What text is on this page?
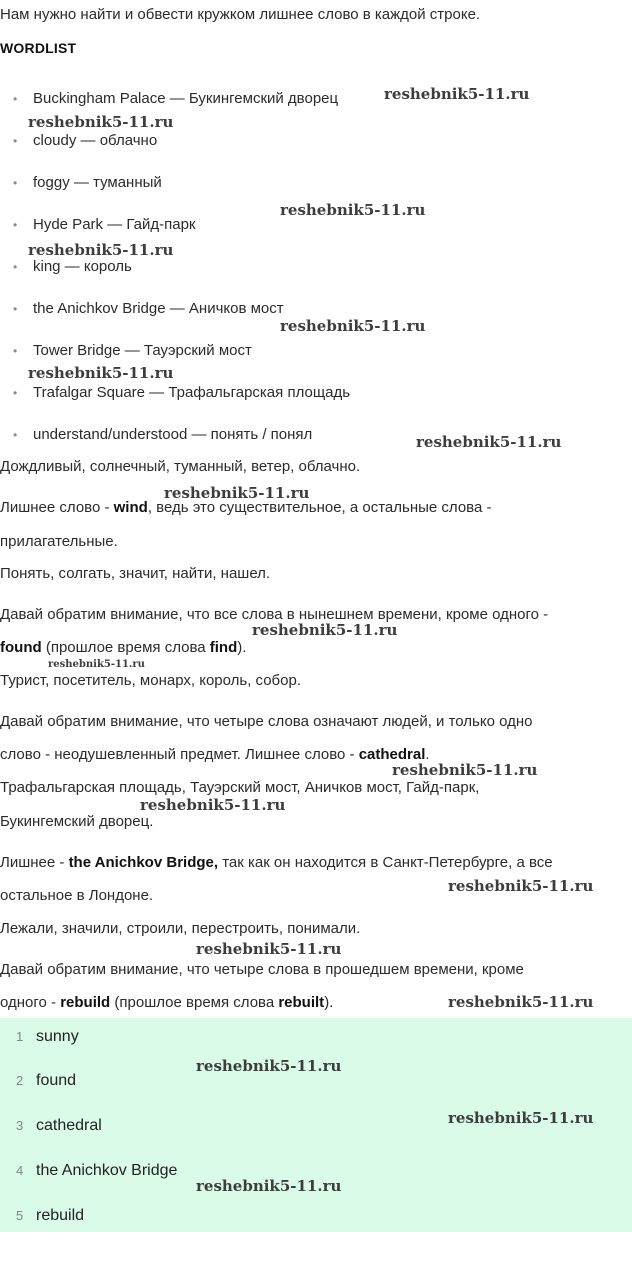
Нам нужно найти и обвести кружком лишнее слово в каждой строке.
WORDLIST
• Buckingham Palace — Букингемский дворец
• cloudy — облачно
• foggy — туманный
• Hyde Park — Гайд-парк
• king — король
• the Anichkov Bridge — Аничков мост
• Tower Bridge — Тауэрский мост
• Trafalgar Square — Трафальгарская площадь
• understand/understood — понять / понял
Дождливый, солнечный, туманный, ветер, облачно.
Лишнее слово - wind, ведь это существительное, а остальные слова -
прилагательные.
Понять, солгать, значит, найти, нашел.
Давай обратим внимание, что все слова в нынешнем времени, кроме одного -
found (прошлое время слова find).
Турист, посетитель, монарх, король, собор.
Давай обратим внимание, что четыре слова означают людей, и только одно
слово - неодушевленный предмет. Лишнее слово - cathedral.
Трафальгарская площадь, Тауэрский мост, Аничков мост, Гайд-парк,
Букингемский дворец.
Лишнее - the Anichkov Bridge, так как он находится в Санкт-Петербурге, а все
остальное в Лондоне.
Лежали, значили, строили, перестроить, понимали.
Давай обратим внимание, что четыре слова в прошедшем времени, кроме
одного - rebuild (прошлое время слова rebuilt).
1 sunny
2 found
3 cathedral
4 the Anichkov Bridge
5 rebuild
reshebnik5-11.ru
reshebnik5-11.ru
reshebnik5-11.ru
reshebnik5-11.ru
reshebnik5-11.ru
reshebnik5-11.ru
reshebnik5-11.ru
reshebnik5-11.ru
reshebnik5-11.ru
reshebnik5-11.ru
reshebnik5-11.ru
reshebnik5-11.ru
reshebnik5-11.ru
reshebnik5-11.ru
reshebnik5-11.ru
reshebnik5-11.ru
reshebnik5-11.ru
reshebnik5-11.ru
